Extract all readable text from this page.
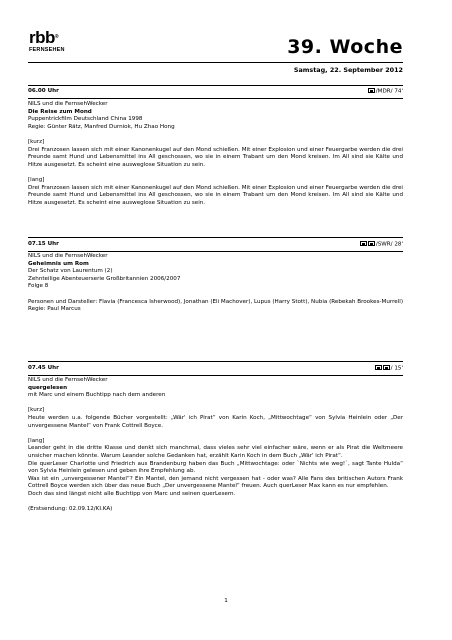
rbb®
FERNSEHEN	39. Woche
Samstag, 22. September 2012
06.00 Uhr	/MDR/ 74'

NILS und die FernsehWecker

Die Reise zum Mond

Puppentrickfilm Deutschland China 1998

Regie: Günter Rätz, Manfred Durniok, Hu Zhao Hong

[kurz]

Drei Franzosen lassen sich mit einer Kanonenkugel auf den Mond schießen. Mit einer Explosion und einer Feuergarbe werden die drei Freunde samt Hund und Lebensmittel ins All geschossen, wo sie in einem Trabant um den Mond kreisen. Im All sind sie Kälte und Hitze ausgesetzt. Es scheint eine ausweglose Situation zu sein.

[lang]

Drei Franzosen lassen sich mit einer Kanonenkugel auf den Mond schießen. Mit einer Explosion und einer Feuergarbe werden die drei Freunde samt Hund und Lebensmittel ins All geschossen, wo sie in einem Trabant um den Mond kreisen. Im All sind sie Kälte und Hitze ausgesetzt. Es scheint eine ausweglose Situation zu sein.

07.15 Uhr	/SWR/ 28'

NILS und die FernsehWecker

Geheimnis um Rom

Der Schatz von Laurentum (2)

Zehnteilige Abenteuerserie Großbritannien 2006/2007

Folge 8

Personen und Darsteller: Flavia (Francesca Isherwood), Jonathan (Eli Machover), Lupus (Harry Stott), Nubia (Rebekah Brookes-Murrell)

Regie: Paul Marcus

07.45 Uhr	/ 15'

NILS und die FernsehWecker

quergelesen

mit Marc und einem Buchtipp nach dem anderen

[kurz]

Heute werden u.a. folgende Bücher vorgestellt: „Wär' ich Pirat“ von Karin Koch, „Mittwochtage“ von Sylvia Heinlein oder „Der unvergessene Mantel“ von Frank Cottrell Boyce.

[lang]

Leander geht in die dritte Klasse und denkt sich manchmal, dass vieles sehr viel einfacher wäre, wenn er als Pirat die Weltmeere unsicher machen könnte. Warum Leander solche Gedanken hat, erzählt Karin Koch in dem Buch „Wär' ich Pirat“.

Die querLeser Charlotte und Friedrich aus Brandenburg haben das Buch „Mittwochtage: oder `Nichts wie weg!`, sagt Tante Hulda“ von Sylvia Heinlein gelesen und geben ihre Empfehlung ab.

Was ist ein „unvergessener Mantel“? Ein Mantel, den jemand nicht vergessen hat - oder was? Alle Fans des britischen Autors Frank Cottrell Boyce werden sich über das neue Buch „Der unvergessene Mantel“ freuen. Auch querLeser Max kann es nur empfehlen.

Doch das sind längst nicht alle Buchtipp von Marc und seinen querLesern.

(Erstsendung: 02.09.12/KI.KA)

1
